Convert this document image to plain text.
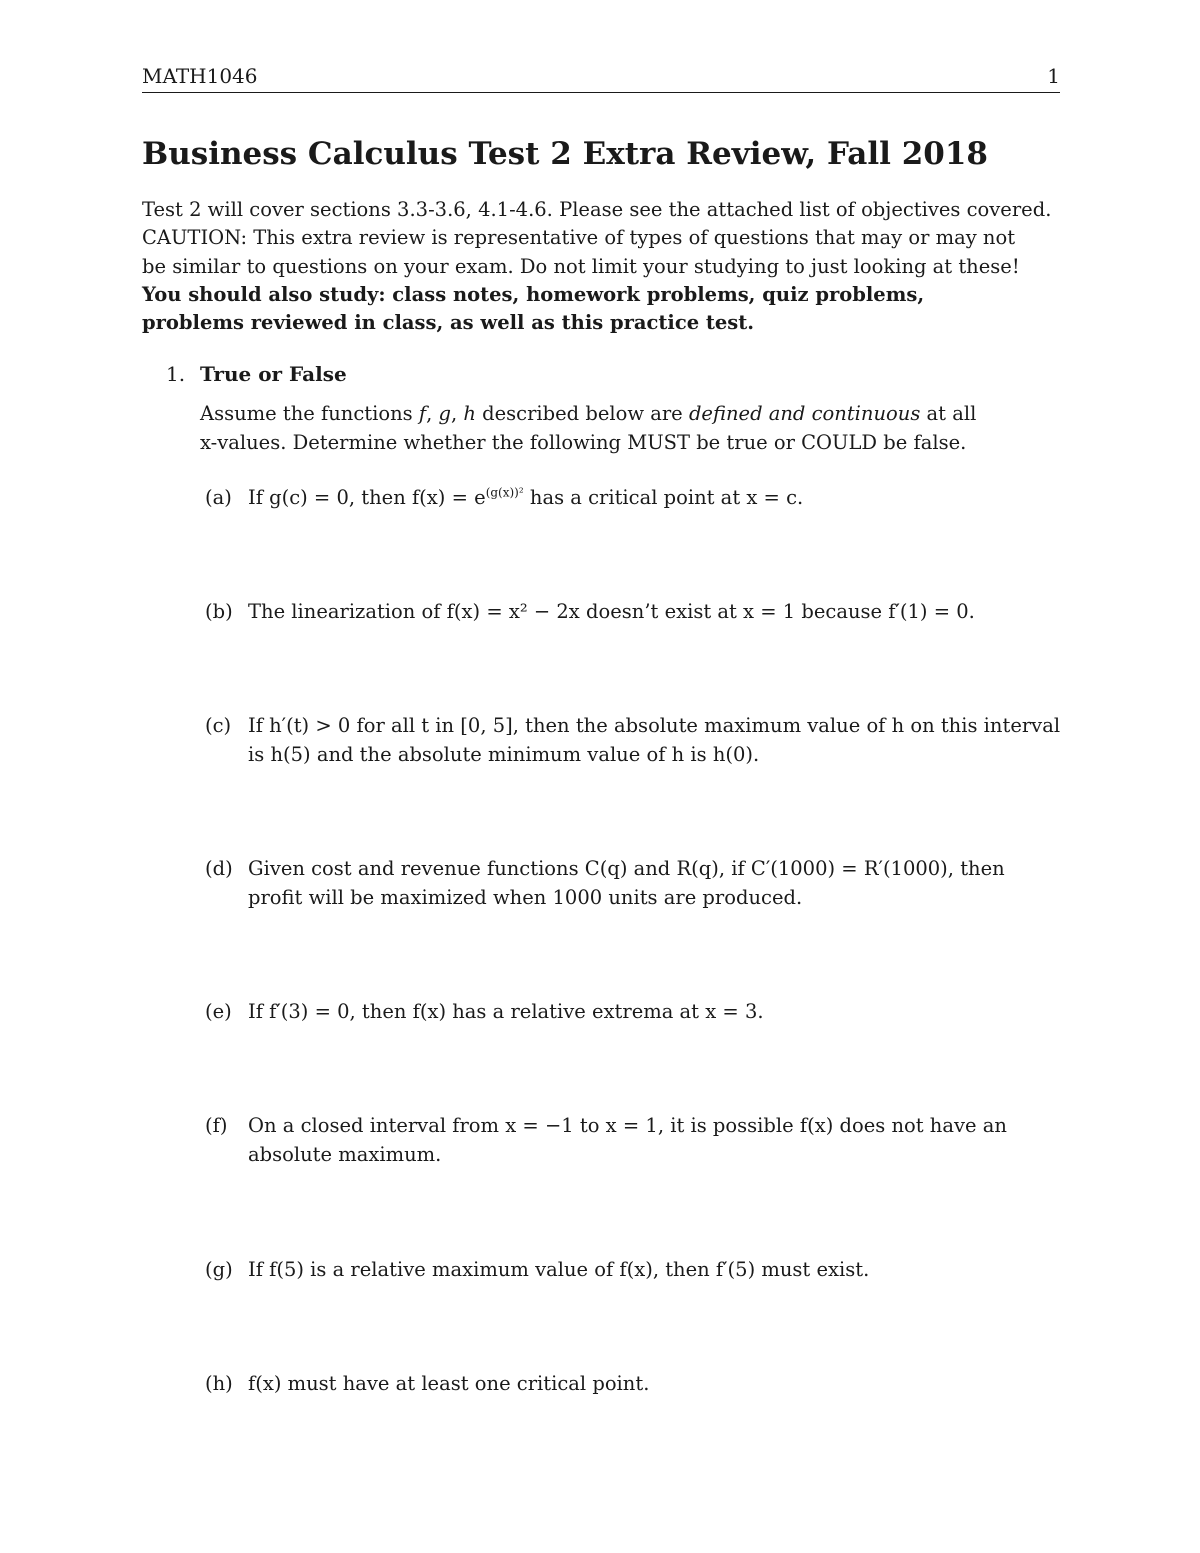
MATH1046	1
Business Calculus Test 2 Extra Review, Fall 2018

Test 2 will cover sections 3.3-3.6, 4.1-4.6. Please see the attached list of objectives covered.
CAUTION: This extra review is representative of types of questions that may or may not
be similar to questions on your exam. Do not limit your studying to just looking at these!
You should also study: class notes, homework problems, quiz problems,
problems reviewed in class, as well as this practice test.

1. True or False

Assume the functions f, g, h described below are defined and continuous at all
x-values. Determine whether the following MUST be true or COULD be false.

(a) If g(c) = 0, then $f(x) = e^{(g(x))^2}$ has a critical point at x = c.
(b) The linearization of f(x) = x² − 2x doesn’t exist at x = 1 because f′(1) = 0.
(c) If h′(t) > 0 for all t in [0, 5], then the absolute maximum value of h on this interval is h(5) and the absolute minimum value of h is h(0).
(d) Given cost and revenue functions C(q) and R(q), if C′(1000) = R′(1000), then profit will be maximized when 1000 units are produced.
(e) If f′(3) = 0, then f(x) has a relative extrema at x = 3.
(f) On a closed interval from x = −1 to x = 1, it is possible f(x) does not have an absolute maximum.
(g) If f(5) is a relative maximum value of f(x), then f′(5) must exist.
(h) f(x) must have at least one critical point.
